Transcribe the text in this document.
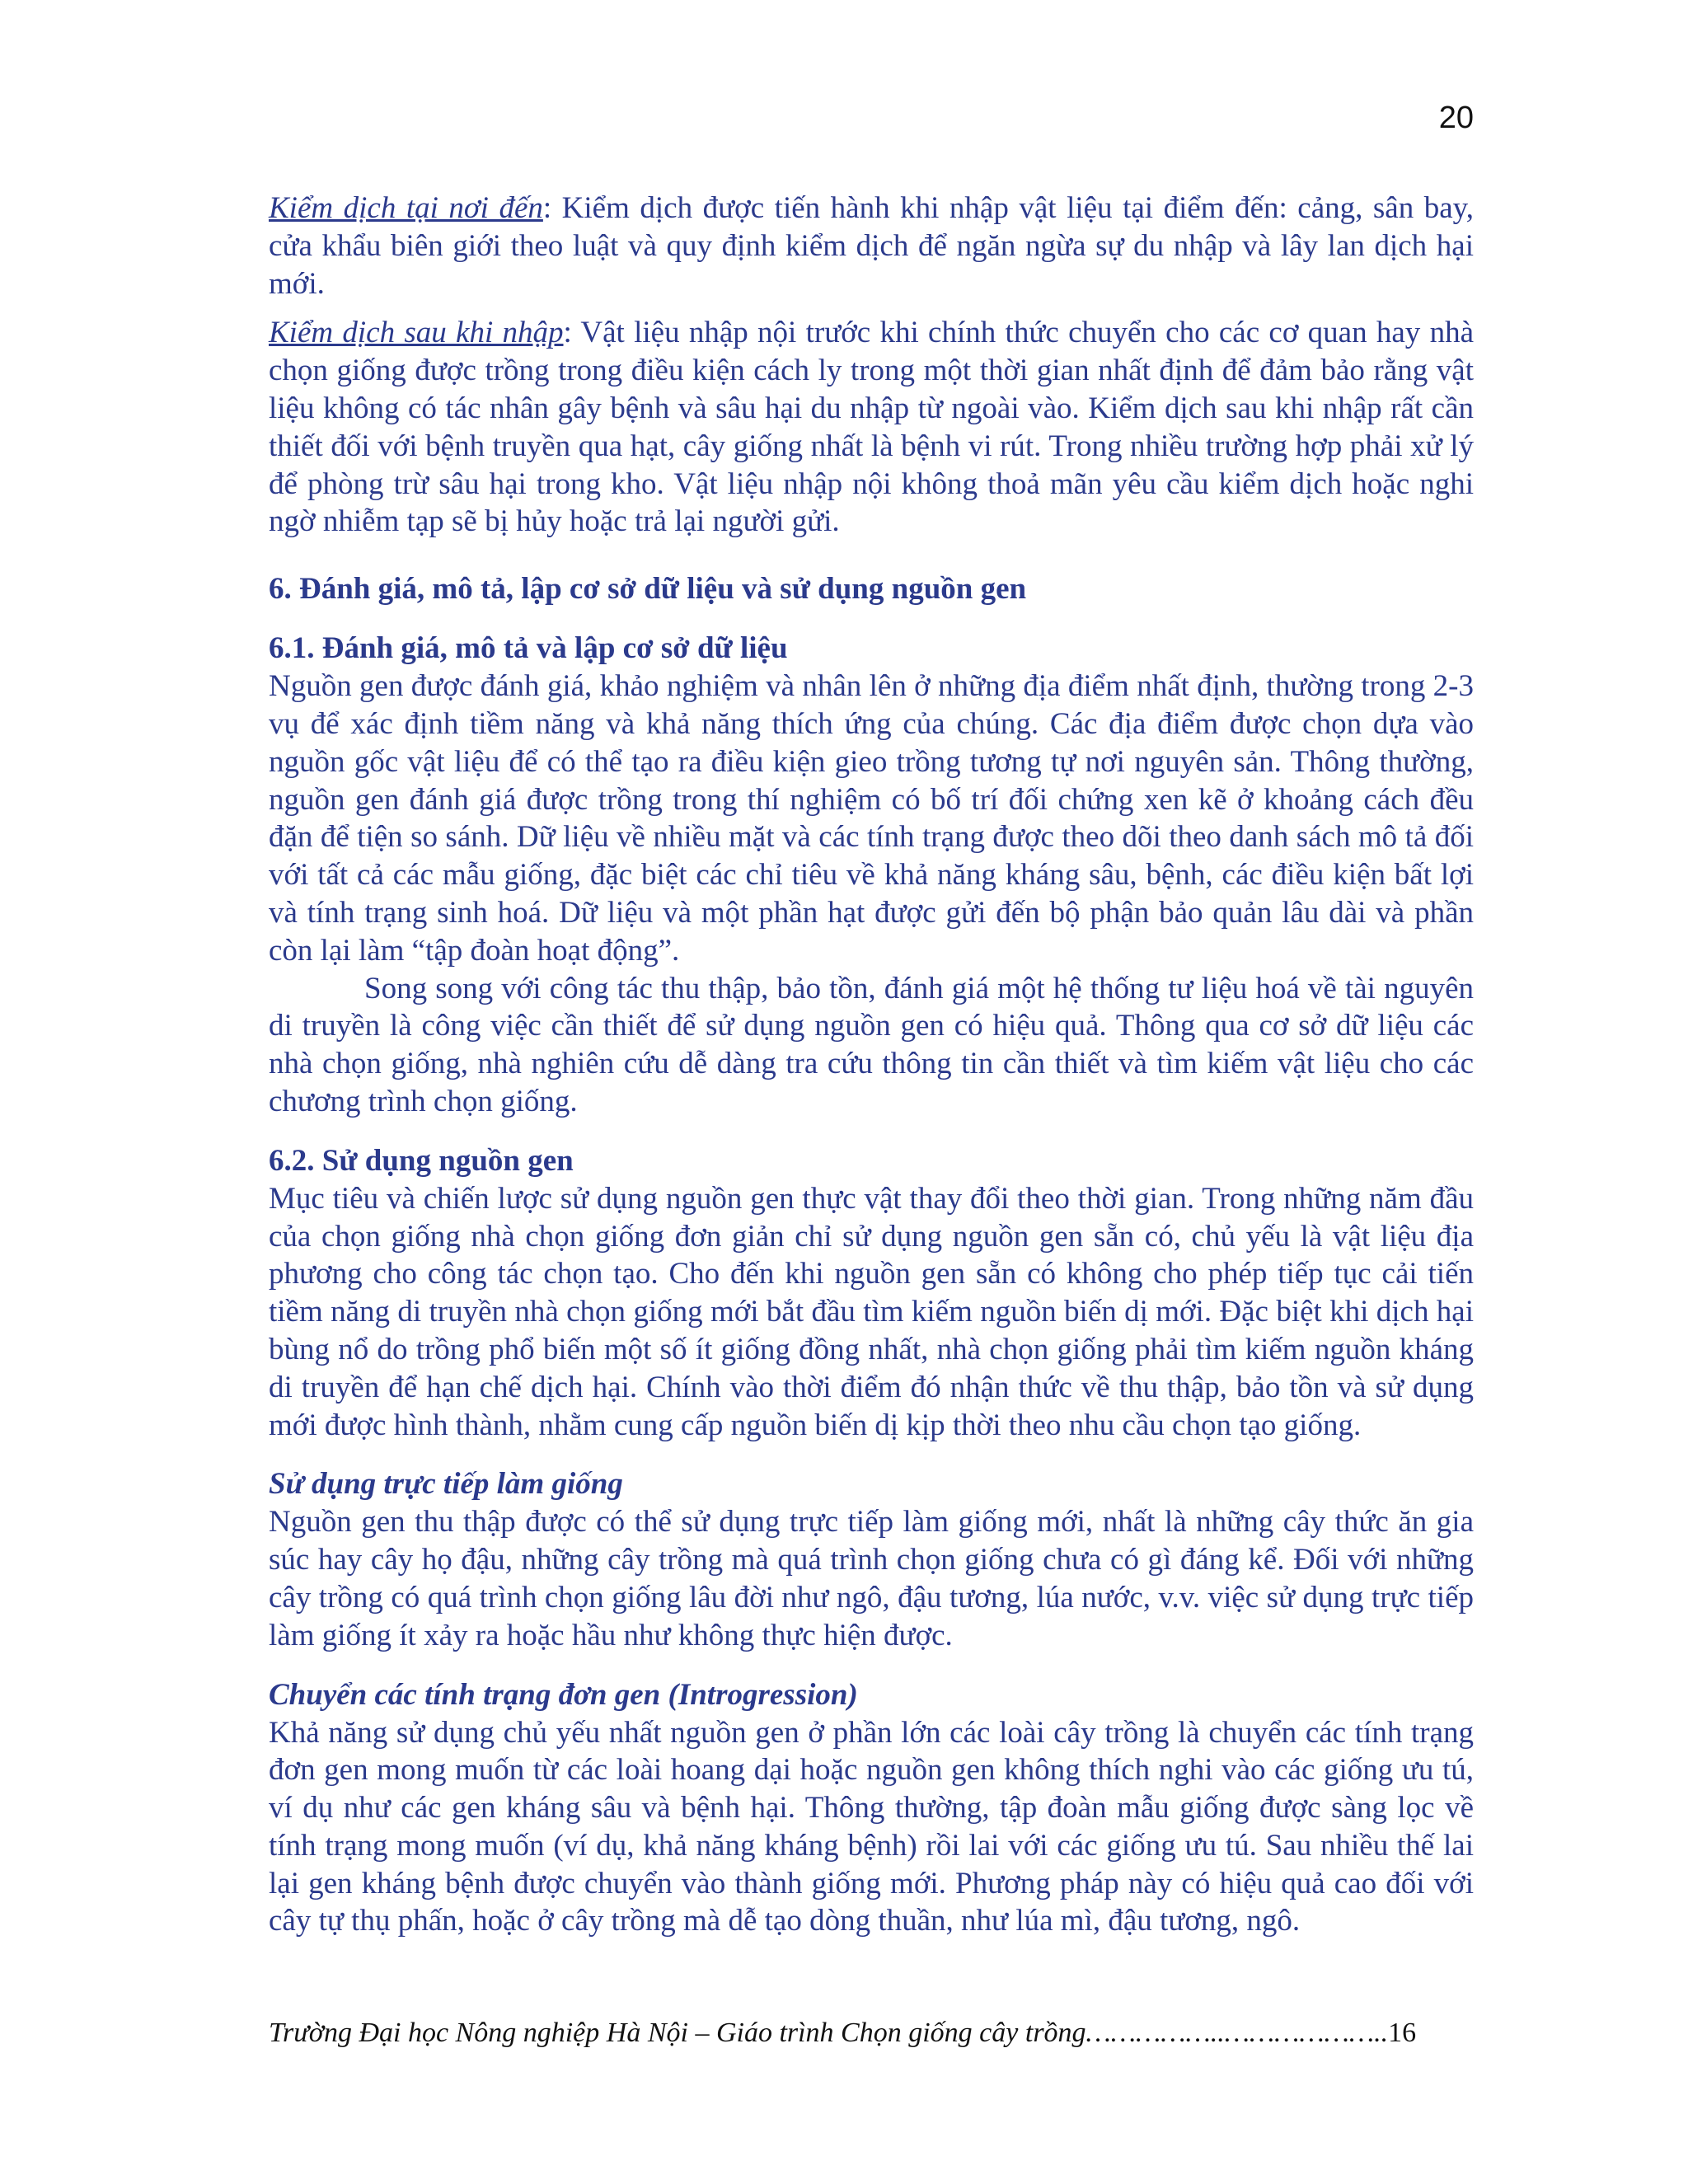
20

Kiểm dịch tại nơi đến: Kiểm dịch được tiến hành khi nhập vật liệu tại điểm đến: cảng, sân bay, cửa khẩu biên giới theo luật và quy định kiểm dịch để ngăn ngừa sự du nhập và lây lan dịch hại mới.

Kiểm dịch sau khi nhập: Vật liệu nhập nội trước khi chính thức chuyển cho các cơ quan hay nhà chọn giống được trồng trong điều kiện cách ly trong một thời gian nhất định để đảm bảo rằng vật liệu không có tác nhân gây bệnh và sâu hại du nhập từ ngoài vào. Kiểm dịch sau khi nhập rất cần thiết đối với bệnh truyền qua hạt, cây giống nhất là bệnh vi rút. Trong nhiều trường hợp phải xử lý để phòng trừ sâu hại trong kho. Vật liệu nhập nội không thoả mãn yêu cầu kiểm dịch hoặc nghi ngờ nhiễm tạp sẽ bị hủy hoặc trả lại người gửi.

6. Đánh giá, mô tả, lập cơ sở dữ liệu và sử dụng nguồn gen
6.1. Đánh giá, mô tả và lập cơ sở dữ liệu

Nguồn gen được đánh giá, khảo nghiệm và nhân lên ở những địa điểm nhất định, thường trong 2-3 vụ để xác định tiềm năng và khả năng thích ứng của chúng. Các địa điểm được chọn dựa vào nguồn gốc vật liệu để có thể tạo ra điều kiện gieo trồng tương tự nơi nguyên sản. Thông thường, nguồn gen đánh giá được trồng trong thí nghiệm có bố trí đối chứng xen kẽ ở khoảng cách đều đặn để tiện so sánh. Dữ liệu về nhiều mặt và các tính trạng được theo dõi theo danh sách mô tả đối với tất cả các mẫu giống, đặc biệt các chỉ tiêu về khả năng kháng sâu, bệnh, các điều kiện bất lợi và tính trạng sinh hoá. Dữ liệu và một phần hạt được gửi đến bộ phận bảo quản lâu dài và phần còn lại làm “tập đoàn hoạt động”.

Song song với công tác thu thập, bảo tồn, đánh giá một hệ thống tư liệu hoá về tài nguyên di truyền là công việc cần thiết để sử dụng nguồn gen có hiệu quả. Thông qua cơ sở dữ liệu các nhà chọn giống, nhà nghiên cứu dễ dàng tra cứu thông tin cần thiết và tìm kiếm vật liệu cho các chương trình chọn giống.

6.2. Sử dụng nguồn gen

Mục tiêu và chiến lược sử dụng nguồn gen thực vật thay đổi theo thời gian. Trong những năm đầu của chọn giống nhà chọn giống đơn giản chỉ sử dụng nguồn gen sẵn có, chủ yếu là vật liệu địa phương cho công tác chọn tạo. Cho đến khi nguồn gen sẵn có không cho phép tiếp tục cải tiến tiềm năng di truyền nhà chọn giống mới bắt đầu tìm kiếm nguồn biến dị mới. Đặc biệt khi dịch hại bùng nổ do trồng phổ biến một số ít giống đồng nhất, nhà chọn giống phải tìm kiếm nguồn kháng di truyền để hạn chế dịch hại. Chính vào thời điểm đó nhận thức về thu thập, bảo tồn và sử dụng mới được hình thành, nhằm cung cấp nguồn biến dị kịp thời theo nhu cầu chọn tạo giống.

Sử dụng trực tiếp làm giống

Nguồn gen thu thập được có thể sử dụng trực tiếp làm giống mới, nhất là những cây thức ăn gia súc hay cây họ đậu, những cây trồng mà quá trình chọn giống chưa có gì đáng kể. Đối với những cây trồng có quá trình chọn giống lâu đời như ngô, đậu tương, lúa nước, v.v. việc sử dụng trực tiếp làm giống ít xảy ra hoặc hầu như không thực hiện được.

Chuyển các tính trạng đơn gen (Introgression)

Khả năng sử dụng chủ yếu nhất nguồn gen ở phần lớn các loài cây trồng là chuyển các tính trạng đơn gen mong muốn từ các loài hoang dại hoặc nguồn gen không thích nghi vào các giống ưu tú, ví dụ như các gen kháng sâu và bệnh hại. Thông thường, tập đoàn mẫu giống được sàng lọc về tính trạng mong muốn (ví dụ, khả năng kháng bệnh) rồi lai với các giống ưu tú. Sau nhiều thế lai lại gen kháng bệnh được chuyển vào thành giống mới. Phương pháp này có hiệu quả cao đối với cây tự thụ phấn, hoặc ở cây trồng mà dễ tạo dòng thuần, như lúa mì, đậu tương, ngô.

Trường Đại học Nông nghiệp Hà Nội – Giáo trình Chọn giống cây trồng……………..………………..16
